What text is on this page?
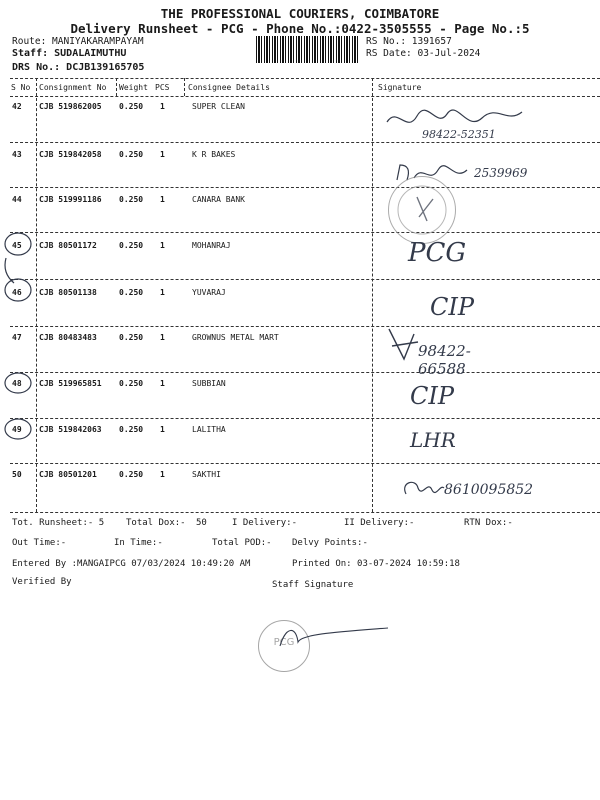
THE PROFESSIONAL COURIERS, COIMBATORE
Delivery Runsheet - PCG - Phone No.:0422-3505555 - Page No.:5
Route: MANIYAKARAMPAYAM
Staff: SUDALAIMUTHU
DRS No.: DCJB139165705
RS No.: 1391657
RS Date: 03-Jul-2024
S No Consignment No Weight PCS Consignee Details	Signature
42 CJB 519862005 0.250 1	SUPER CLEAN
43 CJB 519842058 0.250 1	K R BAKES
44 CJB 519991186 0.250 1	CANARA BANK
45 CJB 80501172	0.250 1	MOHANRAJ
46 CJB 80501138	0.250 1	YUVARAJ
47 CJB 80483483	0.250 1	GROWNUS METAL MART
48 CJB 519965851 0.250 1	SUBBIAN
49 CJB 519842063 0.250 1	LALITHA
50 CJB 80501201	0.250 1	SAKTHI
98422-52351
2539969
PCG
CIP
98422-66588
CIP
LHR
8610095852
Tot. Runsheet:- 5 Total Dox:- 50	I Delivery:-	II Delivery:-	RTN Dox:-
Out Time:-	In Time:-	Total POD:- Delvy Points:-
Entered By :MANGAIPCG 07/03/2024 10:49:20 AM	Printed On: 03-07-2024 10:59:18
Verified By	Staff Signature
PCG
